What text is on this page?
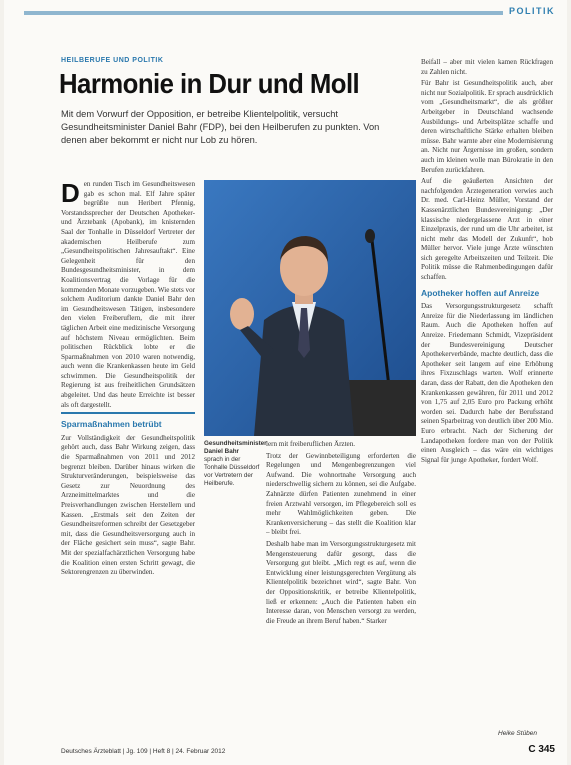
POLITIK
HEILBERUFE UND POLITIK
Harmonie in Dur und Moll

Mit dem Vorwurf der Opposition, er betreibe Klientelpolitik, versucht Gesundheitsminister Daniel Bahr (FDP), bei den Heilberufen zu punkten. Von denen aber bekommt er nicht nur Lob zu hören.

Den runden Tisch im Gesundheitswesen gab es schon mal. Elf Jahre später begrüßte nun Heribert Pfennig, Vorstandssprecher der Deutschen Apotheker- und Ärztebank (Apobank), im knisternden Saal der Tonhalle in Düsseldorf Vertreter der akademischen Heilberufe zum „Gesundheitspolitischen Jahresauftakt“. Eine Gelegenheit für den Bundesgesundheitsminister, in dem Koalitionsvertrag die Vorlage für die kommenden Monate vorzugeben. Wie stets vor solchem Auditorium dankte Daniel Bahr den im Gesundheitswesen Tätigen, insbesondere den vielen Freiberuflern, die mit ihrer täglichen Arbeit eine medizinische Versorgung auf höchstem Niveau ermöglichten. Beim politischen Rückblick lobte er die Sparmaßnahmen von 2010 waren notwendig, auch wenn die Krankenkassen heute im Geld schwimmen. Die Gesundheitspolitik der Regierung ist aus freiheitlichen Grundsätzen abgeleitet. Und das heute Erreichte ist besser als oft dargestellt.

Sparmaßnahmen betrübt

Zur Vollständigkeit der Gesundheitspolitik gehört auch, dass Bahr Wirkung zeigen, dass die Sparmaßnahmen von 2011 und 2012 begrenzt bleiben. Darüber hinaus wirken die Strukturveränderungen, beispielsweise das Gesetz zur Neuordnung des Arzneimittelmarktes und die Preisverhandlungen zwischen Herstellern und Kassen. „Erstmals seit den Zeiten der Gesundheitsreformen schreibt der Gesetzgeber mit, dass die Gesundheitsversorgung auch in der Fläche gesichert sein muss“, sagte Bahr. Mit der spezialfachärztlichen Versorgung habe die Koalition einen ersten Schritt gewagt, die Sektorengrenzen zu überwinden.

Gesundheitsminister Daniel Bahr
sprach in der Tonhalle Düsseldorf vor Vertretern der Heilberufe.

lern mit freiberuflichen Ärzten.

Trotz der Gewinnbeteiligung erforderten die Regelungen und Mengenbegrenzungen viel Aufwand. Die wohnortnahe Versorgung auch niederschwellig sichern zu können, sei die Aufgabe. Zahnärzte dürfen Patienten zunehmend in einer freien Arztwahl versorgen, im Pflegebereich soll es mehr Wahlmöglichkeiten geben. Die Krankenversicherung – das stellt die Koalition klar – bleibt frei.

Deshalb habe man im Versorgungsstrukturgesetz mit Mengensteuerung dafür gesorgt, dass die Versorgung gut bleibt. „Mich regt es auf, wenn die Entwicklung einer leistungsgerechten Vergütung als Klientelpolitik bezeichnet wird“, sagte Bahr. Von der Oppositionskritik, er betreibe Klientelpolitik, ließ er erkennen: „Auch die Patienten haben ein Interesse daran, von Menschen versorgt zu werden, die Freude an ihrem Beruf haben.“ Starker

Beifall – aber mit vielen kamen Rückfragen zu Zahlen nicht.

Für Bahr ist Gesundheitspolitik auch, aber nicht nur Sozialpolitik. Er sprach ausdrücklich vom „Gesundheitsmarkt“, die als größter Arbeitgeber in Deutschland wachsende Ausbildungs- und Arbeitsplätze schaffe und deren wirtschaftliche Stärke erhalten bleiben müsse. Bahr warnte aber eine Modernisierung an. Nicht nur Ärgernisse im großen, sondern auch im kleinen wolle man Bürokratie in den Berufen zurückfahren.

Auf die geäußerten Ansichten der nachfolgenden Ärztegeneration verwies auch Dr. med. Carl-Heinz Müller, Vorstand der Kassenärztlichen Bundesvereinigung: „Der klassische niedergelassene Arzt in einer Einzelpraxis, der rund um die Uhr arbeitet, ist nicht mehr das Modell der Zukunft“, hob Müller hervor. Viele junge Ärzte wünschten sich geregelte Arbeitszeiten und Teilzeit. Die Politik müsse die Rahmenbedingungen dafür schaffen.

Apotheker hoffen auf Anreize

Das Versorgungsstrukturgesetz schafft Anreize für die Niederlassung im ländlichen Raum. Auch die Apotheken hoffen auf Anreize. Friedemann Schmidt, Vizepräsident der Bundesvereinigung Deutscher Apothekerverbände, machte deutlich, dass die Apotheker seit langem auf eine Erhöhung ihres Fixzuschlags warten. Wolf erinnerte daran, dass der Rabatt, den die Apotheken den Krankenkassen gewähren, für 2011 und 2012 von 1,75 auf 2,05 Euro pro Packung erhöht worden sei. Dadurch habe der Berufsstand seinen Sparbeitrag von deutlich über 200 Mio. Euro erbracht. Nach der Sicherung der Landapotheken fordere man von der Politik einen Ausgleich – das wäre ein wichtiges Signal für junge Apotheker, fordert Wolf.

Heike Stüben
Deutsches Ärzteblatt | Jg. 109 | Heft 8 | 24. Februar 2012	C 345
